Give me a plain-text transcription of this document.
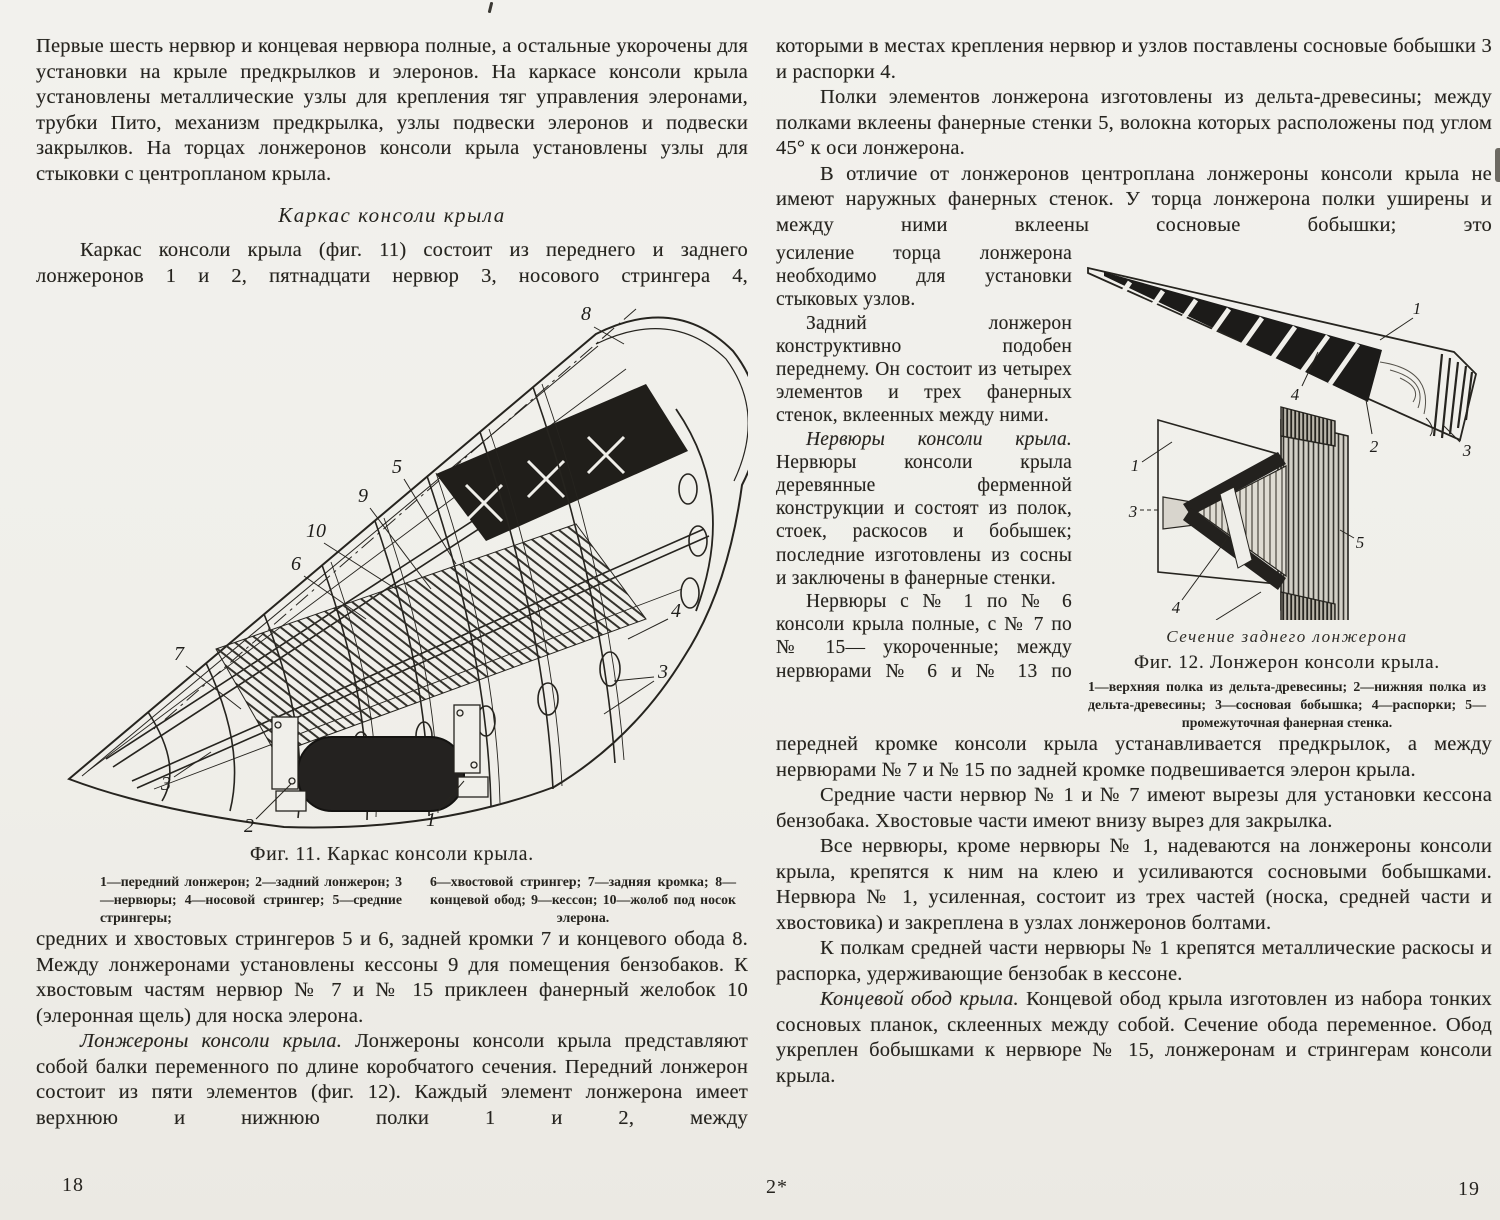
Первые шесть нервюр и концевая нервюра полные, а остальные укорочены для установки на крыле предкрылков и элеронов. На каркасе консоли крыла установлены металлические узлы для крепления тяг управления элеронами, трубки Пито, механизм предкрылка, узлы подвески элеронов и подвески закрылков. На торцах лонжеронов консоли крыла установлены узлы для стыковки с центропланом крыла.

Каркас консоли крыла

Каркас консоли крыла (фиг. 11) состоит из переднего и заднего лонжеронов 1 и 2, пятнадцати нервюр 3, носового стрингера 4,

5
9
10
6
7
8
4
3
3
2	1
Фиг. 11. Каркас консоли крыла.

1—передний лонжерон; 2—задний лонжерон; 3—нервюры; 4—носовой стрингер; 5—средние стрингеры;

6—хвостовой стрингер; 7—задняя кромка; 8—концевой обод; 9—кессон; 10—жолоб под носок элерона.

средних и хвостовых стрингеров 5 и 6, задней кромки 7 и концевого обода 8. Между лонжеронами установлены кессоны 9 для помещения бензобаков. К хвостовым частям нервюр № 7 и № 15 приклеен фанерный желобок 10 (элеронная щель) для носка элерона.

Лонжероны консоли крыла. Лонжероны консоли крыла представляют собой балки переменного по длине коробчатого сечения. Передний лонжерон состоит из пяти элементов (фиг. 12). Каждый элемент лонжерона имеет верхнюю и нижнюю полки 1 и 2, между

которыми в местах крепления нервюр и узлов поставлены сосновые бобышки 3 и распорки 4.

Полки элементов лонжерона изготовлены из дельта-древесины; между полками вклеены фанерные стенки 5, волокна которых расположены под углом 45° к оси лонжерона.

В отличие от лонжеронов центроплана лонжероны консоли крыла не имеют наружных фанерных стенок. У торца лонжерона полки уширены и между ними вклеены сосновые бобышки; это

усиление торца лонжерона необходимо для установки стыковых узлов.

Задний лонжерон конструктивно подобен переднему. Он состоит из четырех элементов и трех фанерных стенок, вклеенных между ними.

Нервюры консоли крыла. Нервюры консоли крыла деревянные ферменной конструкции и состоят из полок, стоек, раскосов и бобышек; последние изготовлены из сосны и заключены в фанерные стенки.

Нервюры с № 1 по № 6 консоли крыла полные, с № 7 по № 15— укороченные; между нервюрами № 6 и № 13 по

1
4
2	3
1
3
4
5
Сечение заднего лонжерона
Фиг. 12. Лонжерон консоли крыла.

1—верхняя полка из дельта-древесины; 2—нижняя полка из дельта-древесины; 3—сосновая бобышка; 4—распорки; 5—промежуточная фанерная стенка.

передней кромке консоли крыла устанавливается предкрылок, а между нервюрами № 7 и № 15 по задней кромке подвешивается элерон крыла.

Средние части нервюр № 1 и № 7 имеют вырезы для установки кессона бензобака. Хвостовые части имеют внизу вырез для закрылка.

Все нервюры, кроме нервюры № 1, надеваются на лонжероны консоли крыла, крепятся к ним на клею и усиливаются сосновыми бобышками. Нервюра № 1, усиленная, состоит из трех частей (носка, средней части и хвостовика) и закреплена в узлах лонжеронов болтами.

К полкам средней части нервюры № 1 крепятся металлические раскосы и распорка, удерживающие бензобак в кессоне.

Концевой обод крыла. Концевой обод крыла изготовлен из набора тонких сосновых планок, склеенных между собой. Сечение обода переменное. Обод укреплен бобышками к нервюре № 15, лонжеронам и стрингерам консоли крыла.

18	2*	19
